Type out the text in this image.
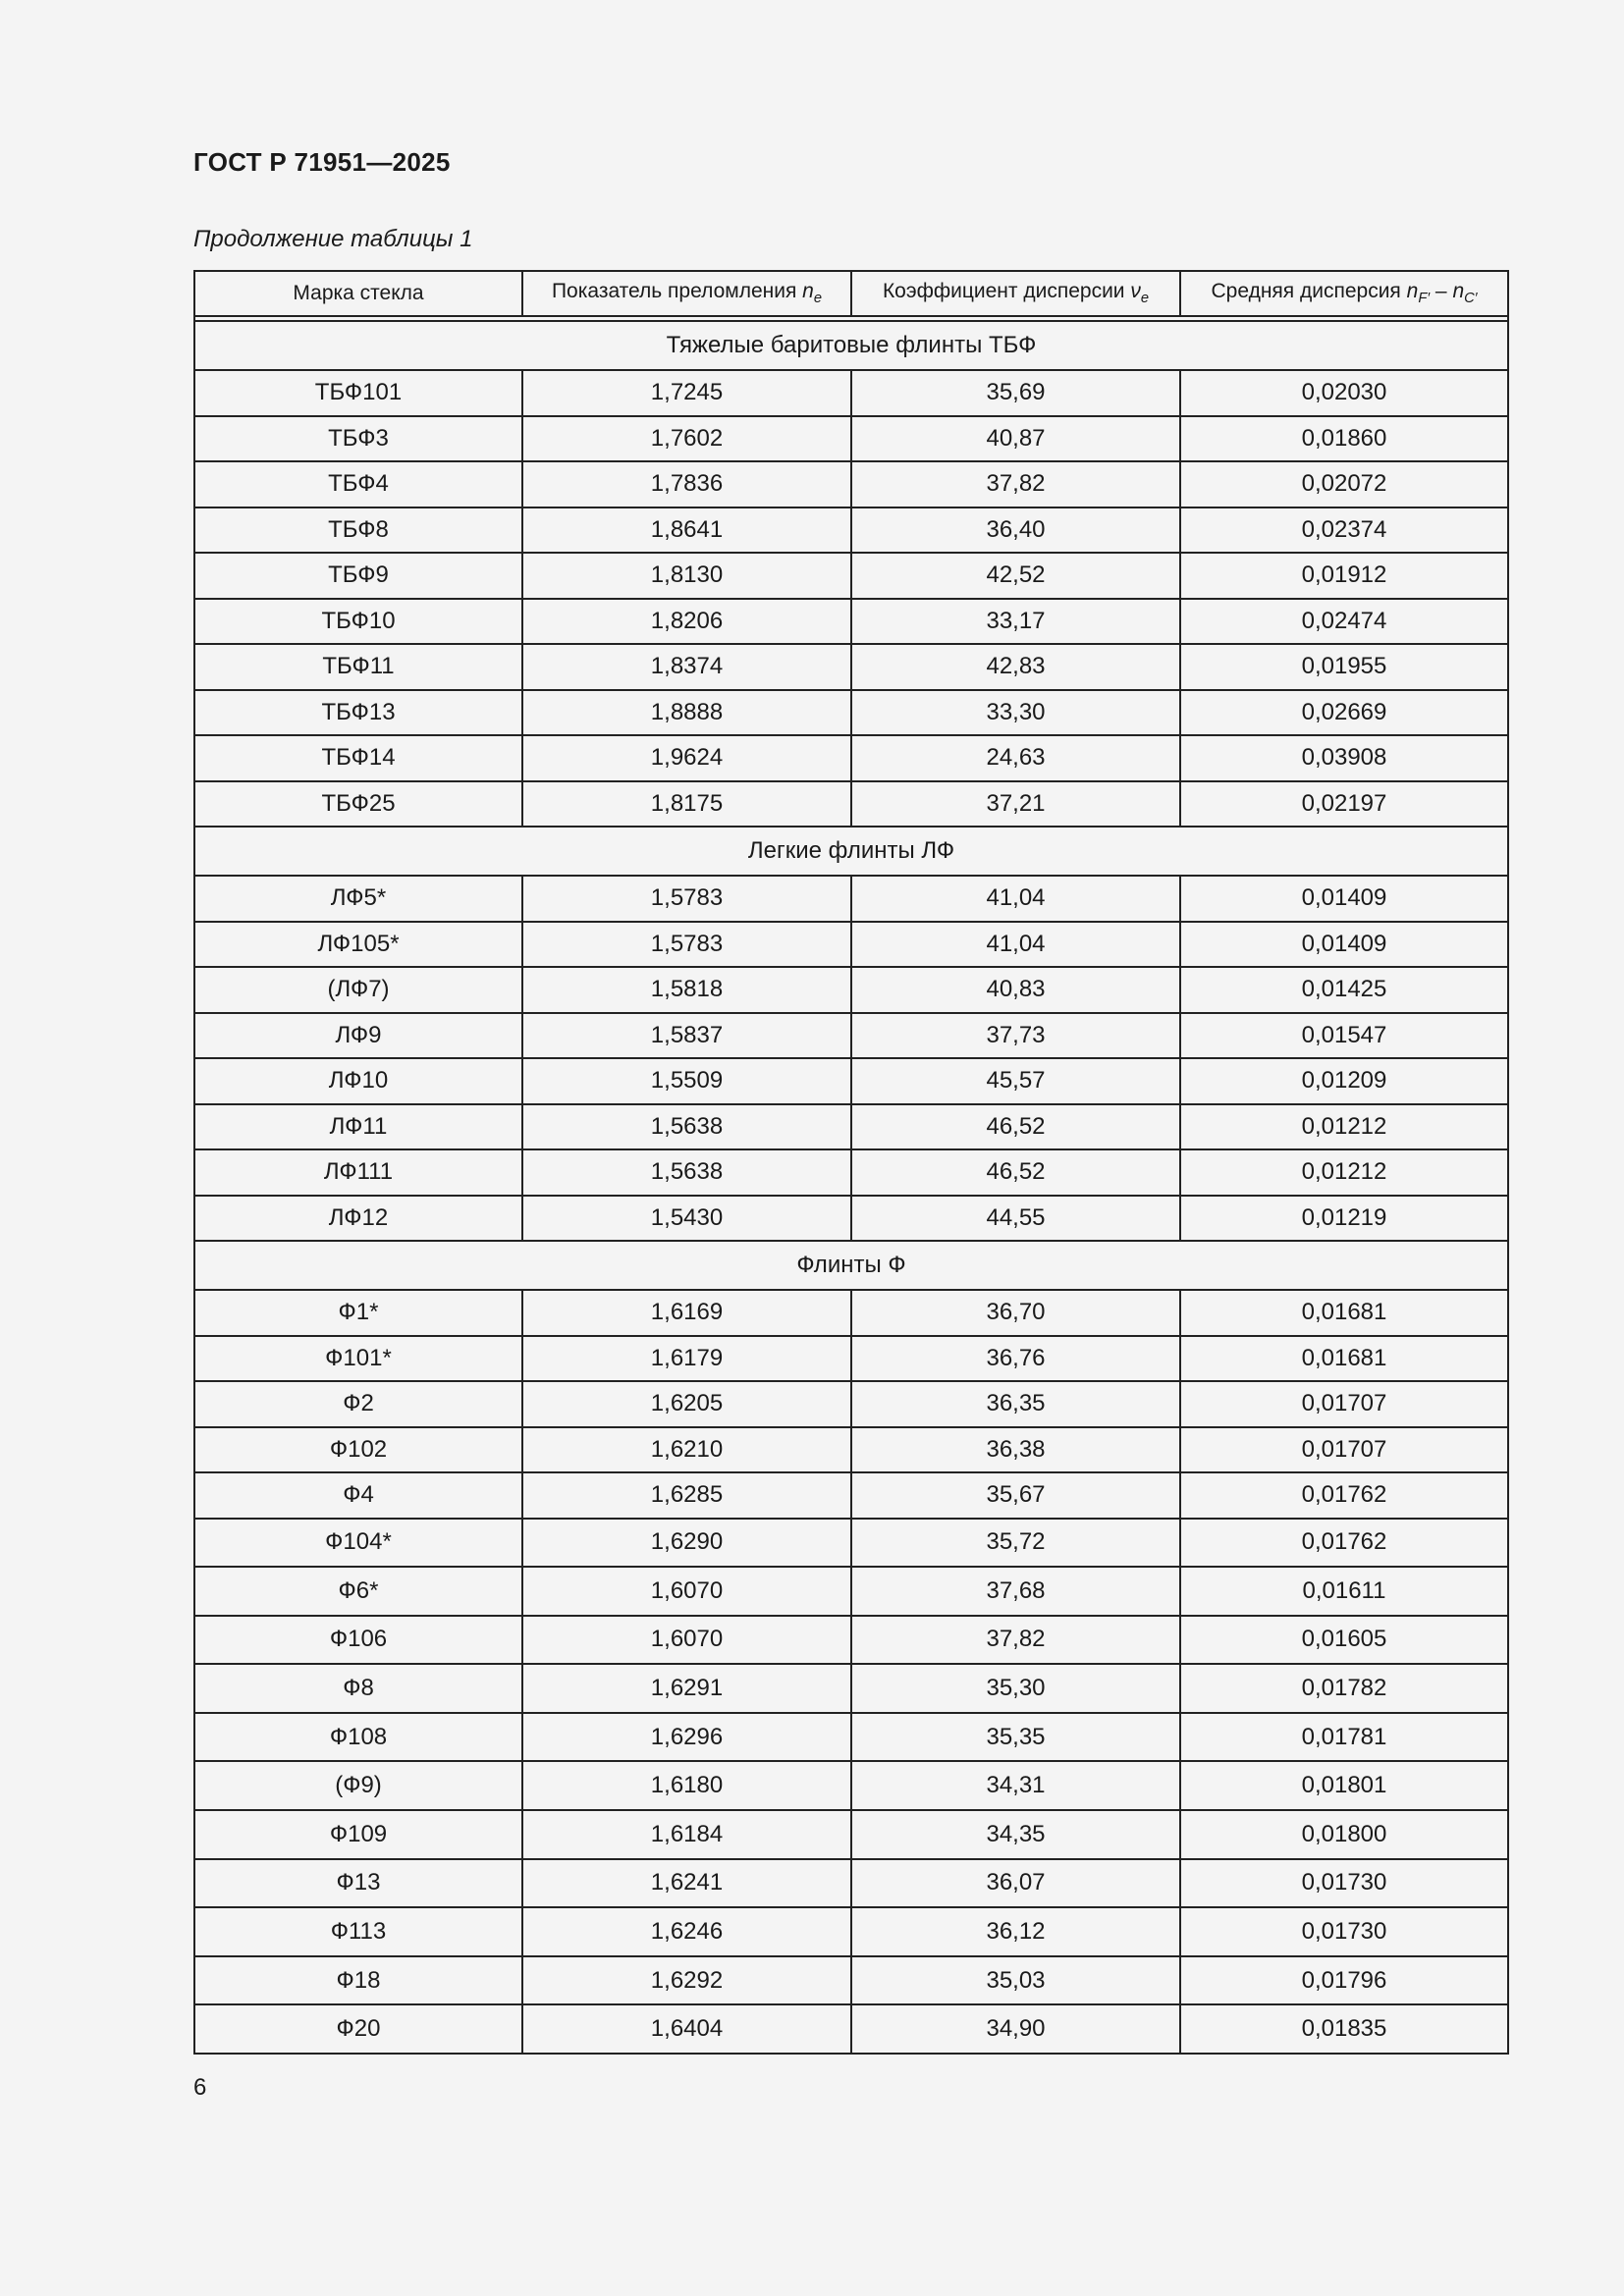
ГОСТ Р 71951—2025
Продолжение таблицы 1
Марка стекла	Показатель преломления $n_e$	Коэффициент дисперсии $\nu_e$	Средняя дисперсия $n_{F'} - n_{C'}$

Тяжелые баритовые флинты ТБФ			
ТБФ101	1,7245	35,69	0,02030
ТБФ3	1,7602	40,87	0,01860
ТБФ4	1,7836	37,82	0,02072
ТБФ8	1,8641	36,40	0,02374
ТБФ9	1,8130	42,52	0,01912
ТБФ10	1,8206	33,17	0,02474
ТБФ11	1,8374	42,83	0,01955
ТБФ13	1,8888	33,30	0,02669
ТБФ14	1,9624	24,63	0,03908
ТБФ25	1,8175	37,21	0,02197
Легкие флинты ЛФ			
ЛФ5*	1,5783	41,04	0,01409
ЛФ105*	1,5783	41,04	0,01409
(ЛФ7)	1,5818	40,83	0,01425
ЛФ9	1,5837	37,73	0,01547
ЛФ10	1,5509	45,57	0,01209
ЛФ11	1,5638	46,52	0,01212
ЛФ111	1,5638	46,52	0,01212
ЛФ12	1,5430	44,55	0,01219
Флинты Ф			
Ф1*	1,6169	36,70	0,01681
Ф101*	1,6179	36,76	0,01681
Ф2	1,6205	36,35	0,01707
Ф102	1,6210	36,38	0,01707
Ф4	1,6285	35,67	0,01762
Ф104*	1,6290	35,72	0,01762
Ф6*	1,6070	37,68	0,01611
Ф106	1,6070	37,82	0,01605
Ф8	1,6291	35,30	0,01782
Ф108	1,6296	35,35	0,01781
(Ф9)	1,6180	34,31	0,01801
Ф109	1,6184	34,35	0,01800
Ф13	1,6241	36,07	0,01730
Ф113	1,6246	36,12	0,01730
Ф18	1,6292	35,03	0,01796
Ф20	1,6404	34,90	0,01835
6
